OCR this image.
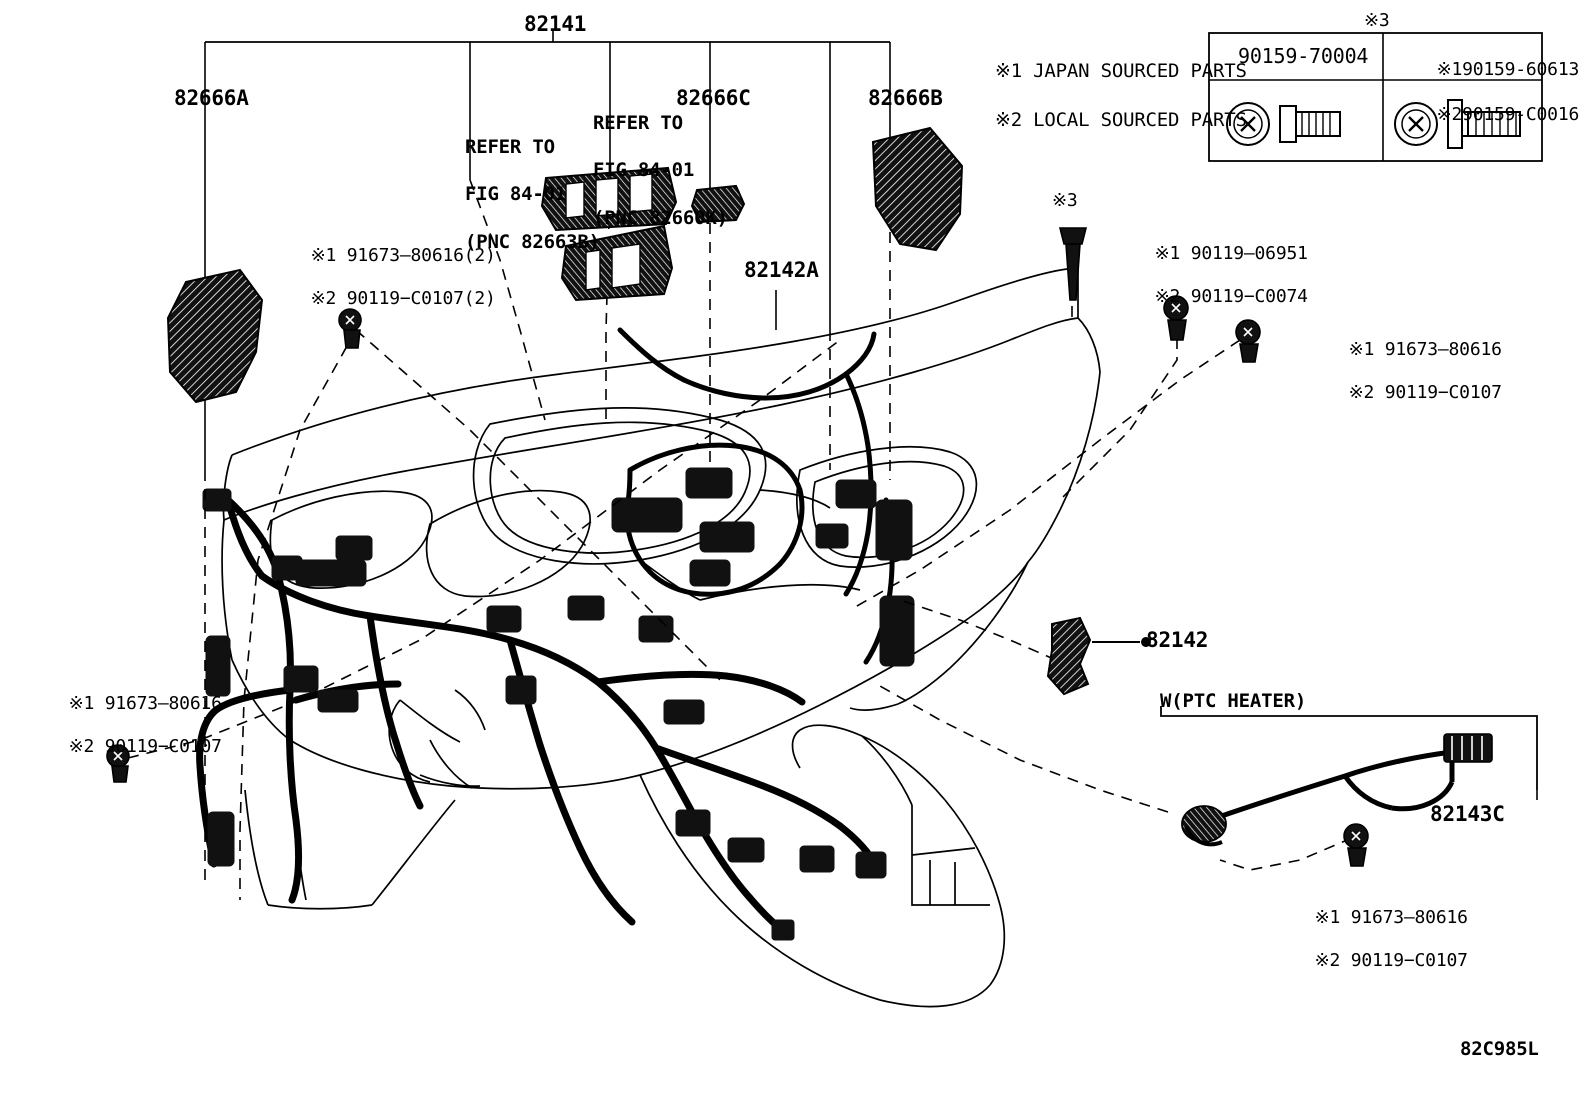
82141
82666A	82666C	82666B
82142A
82142
82143C

REFER TO

FIG 84-01

(PNC 82663B)

REFER TO

FIG 84-01

(PNC 82660K)

※1 JAPAN SOURCED PARTS

※2 LOCAL SOURCED PARTS

※3
90159-70004

※190159-60613

※290159-C0016

※1 91673–80616(2)

※2 90119−C0107(2)

※1 91673–80616

※2 90119−C0107

※1 90119–06951

※2 90119−C0074

※1 91673–80616

※2 90119−C0107

※1 91673–80616

※2 90119−C0107

※3
W(PTC HEATER)
82C985L
